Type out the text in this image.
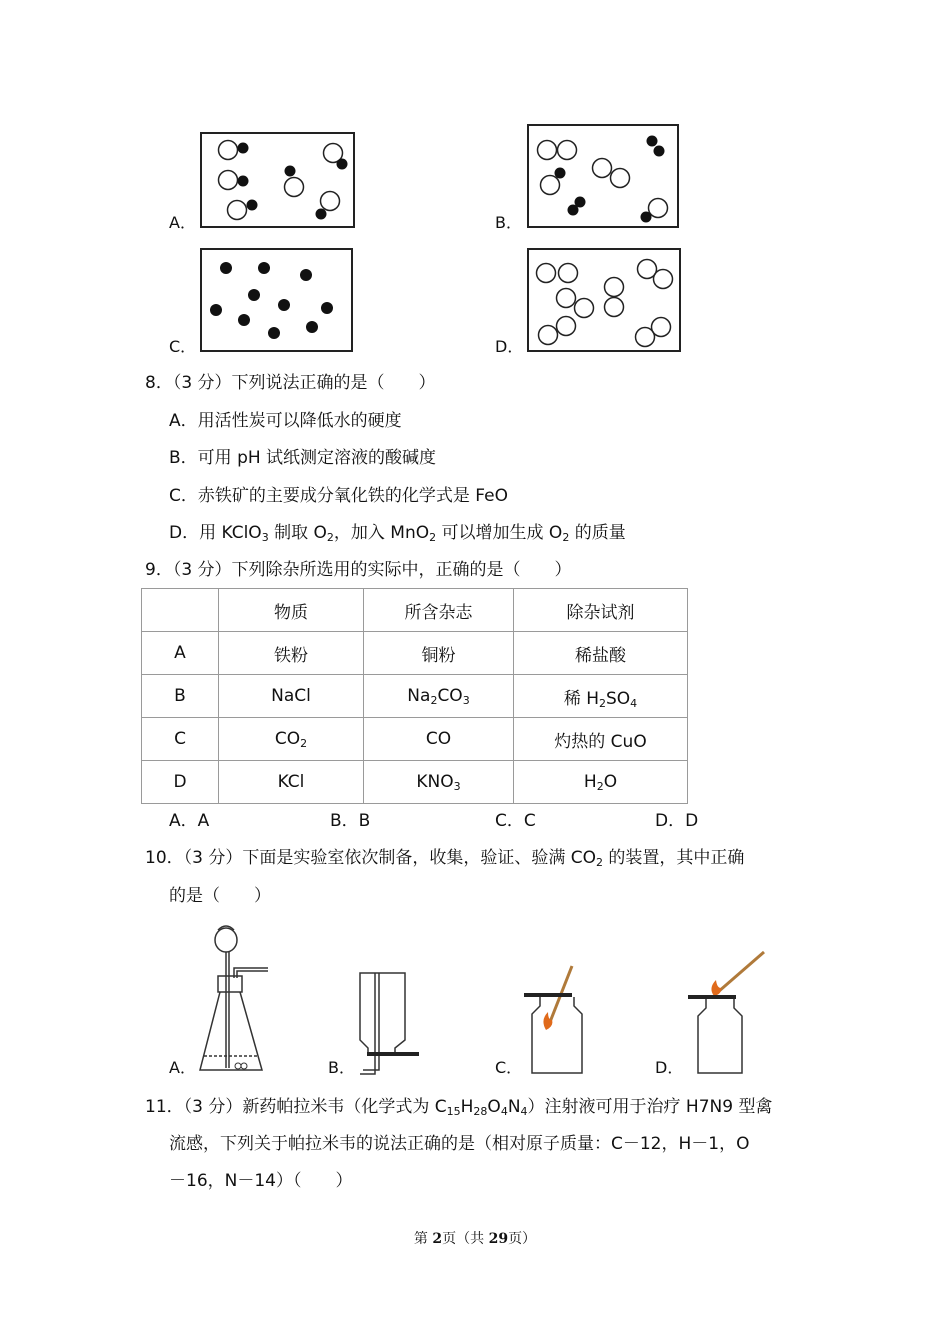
A．	B．
C．	D．
8．（3 分）下列说法正确的是（　　）
A．用活性炭可以降低水的硬度
B．可用 pH 试纸测定溶液的酸碱度
C．赤铁矿的主要成分氧化铁的化学式是 FeO
D．用 KClO$_3$ 制取 $O_2$，加入 MnO$_2$ 可以增加生成 $O_2$ 的质量
9．（3 分）下列除杂所选用的实际中，正确的是（　　）
	物质	所含杂志	除杂试剂
A	铁粉	铜粉	稀盐酸
B	NaCl	$Na_2CO_3$	稀 $H_2SO_4$
C	$CO_2$	CO	灼热的 CuO
D	KCl	$KNO_3$	$H_2O$
A．A	B．B	C．C	D．D
10．（3 分）下面是实验室依次制备，收集，验证、验满 $CO_2$ 的装置，其中正确
的是（　　）
A．	B．	C．	D．
11．（3 分）新药帕拉米韦（化学式为 $C_{15}H_{28}O_4N_4$）注射液可用于治疗 H7N9 型禽
流感，下列关于帕拉米韦的说法正确的是（相对原子质量：C－12，H－1，O
－16，N－14）（　　）
第 2页（共 29页）
